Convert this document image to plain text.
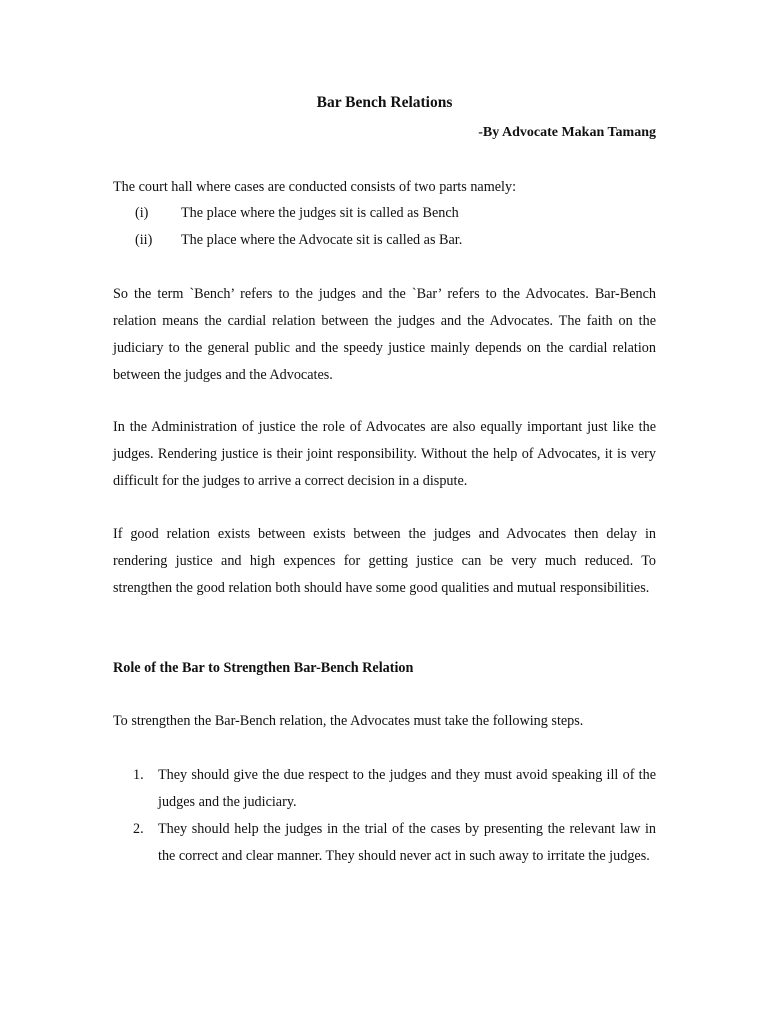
Bar Bench Relations

-By Advocate Makan Tamang

The court hall where cases are conducted consists of two parts namely:

(i)	The place where the judges sit is called as Bench
(ii)	The place where the Advocate sit is called as Bar.

So the term `Bench’ refers to the judges and the `Bar’ refers to the Advocates. Bar-Bench relation means the cardial relation between the judges and the Advocates. The faith on the judiciary to the general public and the speedy justice mainly depends on the cardial relation between the judges and the Advocates.

In the Administration of justice the role of Advocates are also equally important just like the judges. Rendering justice is their joint responsibility. Without the help of Advocates, it is very difficult for the judges to arrive a correct decision in a dispute.

If good relation exists between exists between the judges and Advocates then delay in rendering justice and high expences for getting justice can be very much reduced. To strengthen the good relation both should have some good qualities and mutual responsibilities.

Role of the Bar to Strengthen Bar-Bench Relation

To strengthen the Bar-Bench relation, the Advocates must take the following steps.

1.	They should give the due respect to the judges and they must avoid speaking ill of the judges and the judiciary.
2.	They should help the judges in the trial of the cases by presenting the relevant law in the correct and clear manner. They should never act in such away to irritate the judges.
